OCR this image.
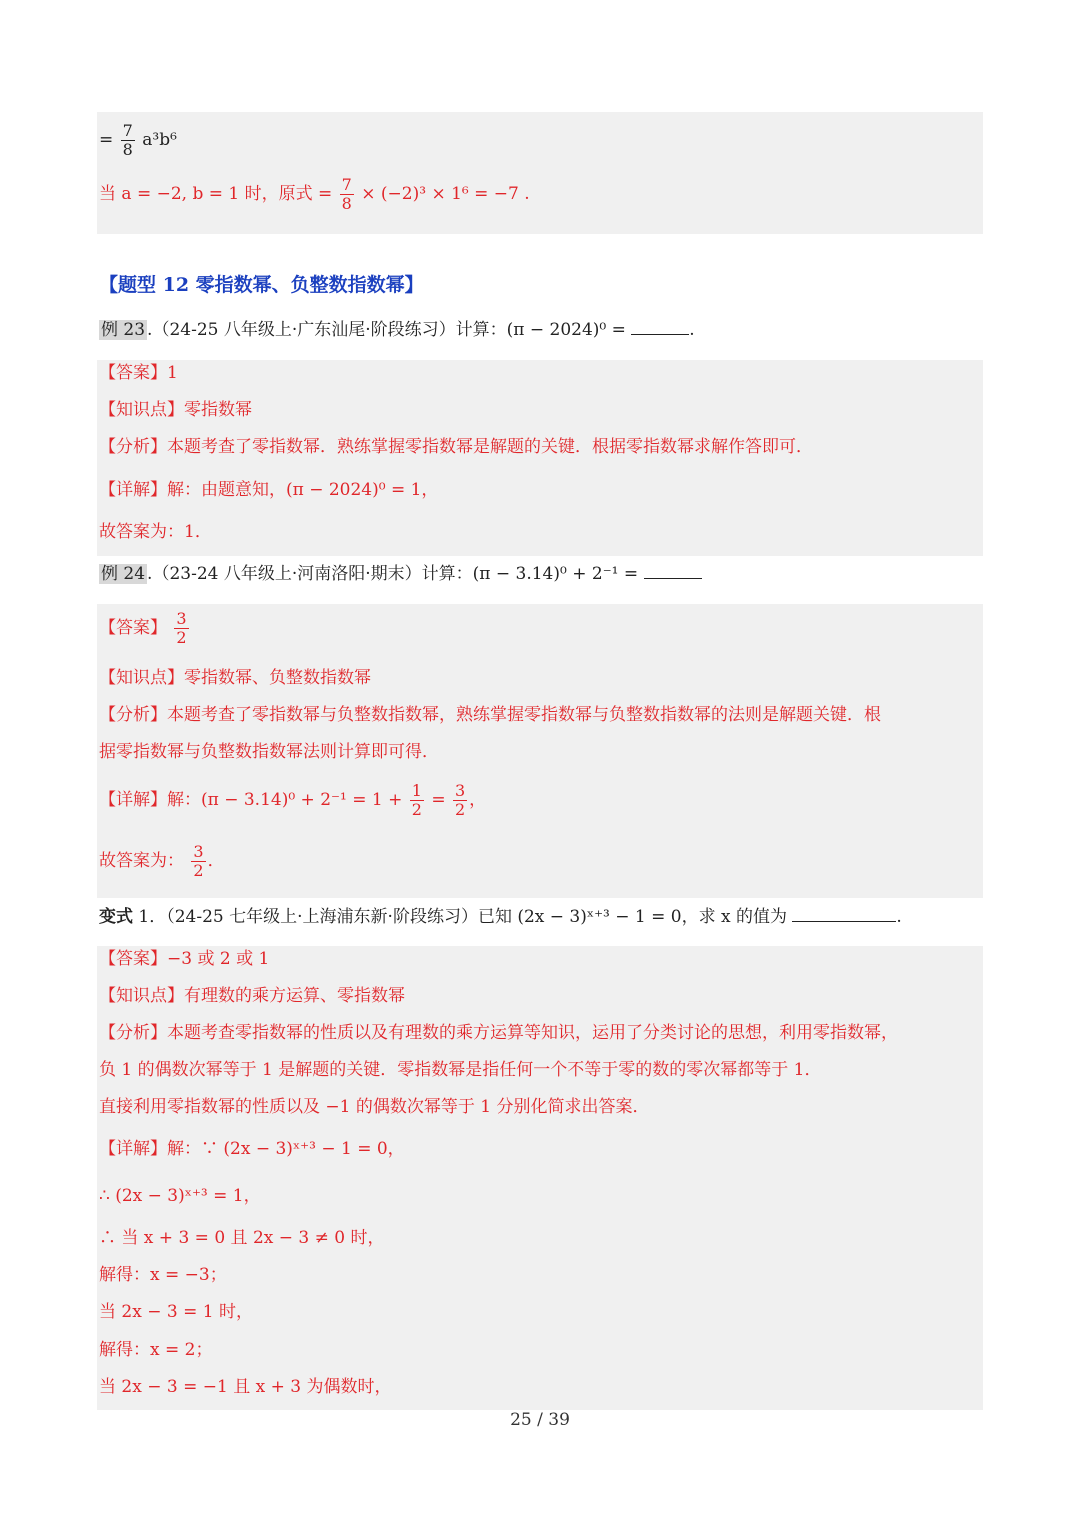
= $\frac{7}{8} a^3b^6$
当 a = −2, b = 1 时，原式 = $\frac{7}{8} \times (-2)^3 \times 1^6 = -7$ .
【题型 12 零指数幂、负整数指数幂】
例 23 .（24-25 八年级上·广东汕尾·阶段练习）计算：(π − 2024)⁰ =	.
【答案】1
【知识点】零指数幂
【分析】本题考查了零指数幂．熟练掌握零指数幂是解题的关键．根据零指数幂求解作答即可．
【详解】解：由题意知，(π − 2024)⁰ = 1，
故答案为：1．
例 24 .（23-24 八年级上·河南洛阳·期末）计算：(π − 3.14)⁰ + 2⁻¹ =
【答案】 $\frac{3}{2}$
【知识点】零指数幂、负整数指数幂
【分析】本题考查了零指数幂与负整数指数幂，熟练掌握零指数幂与负整数指数幂的法则是解题关键．根
据零指数幂与负整数指数幂法则计算即可得．
【详解】解：$(\pi - 3.14)^0 + 2^{-1} = 1 + \frac{1}{2} = \frac{3}{2}$ ，
故答案为： $\frac{3}{2}$ ．
变式 1．（24-25 七年级上·上海浦东新·阶段练习）已知 (2x − 3)ˣ⁺³ − 1 = 0，求 x 的值为	.
【答案】−3 或 2 或 1
【知识点】有理数的乘方运算、零指数幂
【分析】本题考查零指数幂的性质以及有理数的乘方运算等知识，运用了分类讨论的思想，利用零指数幂，
负 1 的偶数次幂等于 1 是解题的关键．零指数幂是指任何一个不等于零的数的零次幂都等于 1．
直接利用零指数幂的性质以及 −1 的偶数次幂等于 1 分别化简求出答案．
【详解】解：∵ (2x − 3)ˣ⁺³ − 1 = 0，
∴ (2x − 3)ˣ⁺³ = 1，
∴ 当 x + 3 = 0 且 2x − 3 ≠ 0 时，
解得：x = −3；
当 2x − 3 = 1 时，
解得：x = 2；
当 2x − 3 = −1 且 x + 3 为偶数时，
25 / 39
